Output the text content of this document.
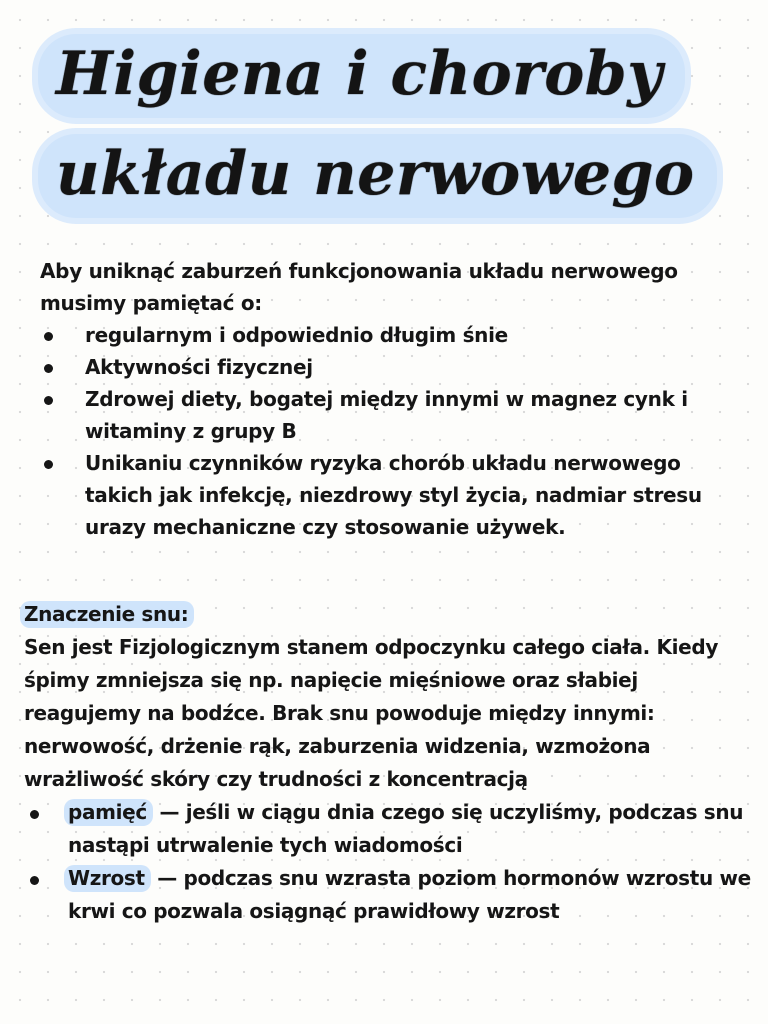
Higiena i choroby
układu nerwowego

Aby uniknąć zaburzeń funkcjonowania układu nerwowego musimy pamiętać o:

regularnym i odpowiednio długim śnie
Aktywności fizycznej
Zdrowej diety, bogatej między innymi w magnez cynk i witaminy z grupy B
Unikaniu czynników ryzyka chorób układu nerwowego takich jak infekcję, niezdrowy styl życia, nadmiar stresu urazy mechaniczne czy stosowanie używek.

Znaczenie snu:

Sen jest Fizjologicznym stanem odpoczynku całego ciała. Kiedy śpimy zmniejsza się np. napięcie mięśniowe oraz słabiej reagujemy na bodźce. Brak snu powoduje między innymi: nerwowość, drżenie rąk, zaburzenia widzenia, wzmożona wrażliwość skóry czy trudności z koncentracją

pamięć — jeśli w ciągu dnia czego się uczyliśmy, podczas snu nastąpi utrwalenie tych wiadomości
Wzrost — podczas snu wzrasta poziom hormonów wzrostu we krwi co pozwala osiągnąć prawidłowy wzrost
